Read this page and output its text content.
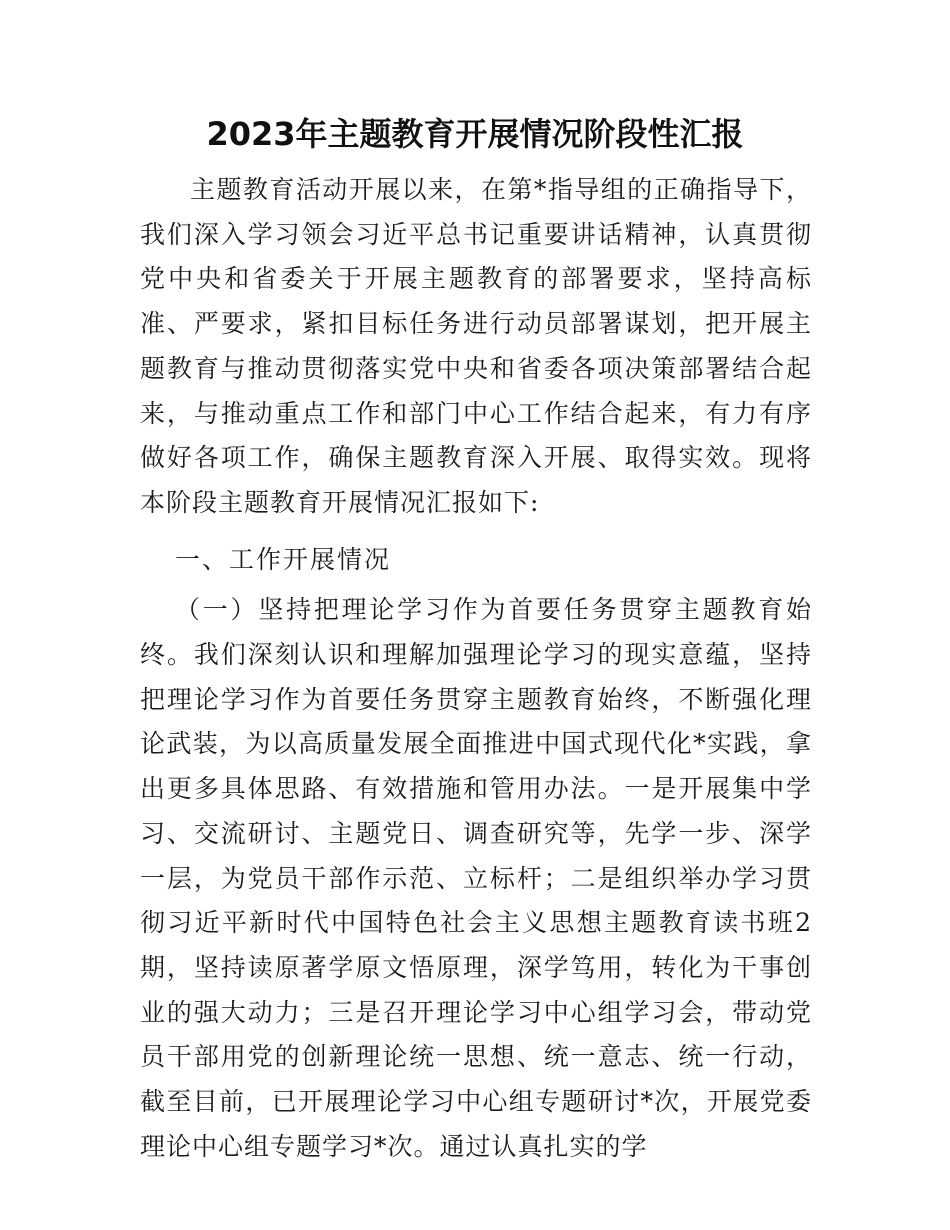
2023年主题教育开展情况阶段性汇报

主题教育活动开展以来，在第*指导组的正确指导下，我们深入学习领会习近平总书记重要讲话精神，认真贯彻党中央和省委关于开展主题教育的部署要求，坚持高标准、严要求，紧扣目标任务进行动员部署谋划，把开展主题教育与推动贯彻落实党中央和省委各项决策部署结合起来，与推动重点工作和部门中心工作结合起来，有力有序做好各项工作，确保主题教育深入开展、取得实效。现将本阶段主题教育开展情况汇报如下:

一、工作开展情况

（一）坚持把理论学习作为首要任务贯穿主题教育始终。我们深刻认识和理解加强理论学习的现实意蕴，坚持把理论学习作为首要任务贯穿主题教育始终，不断强化理论武装，为以高质量发展全面推进中国式现代化*实践，拿出更多具体思路、有效措施和管用办法。一是开展集中学习、交流研讨、主题党日、调查研究等，先学一步、深学一层，为党员干部作示范、立标杆；二是组织举办学习贯彻习近平新时代中国特色社会主义思想主题教育读书班2期，坚持读原著学原文悟原理，深学笃用，转化为干事创业的强大动力；三是召开理论学习中心组学习会，带动党员干部用党的创新理论统一思想、统一意志、统一行动，截至目前，已开展理论学习中心组专题研讨*次，开展党委理论中心组专题学习*次。通过认真扎实的学
